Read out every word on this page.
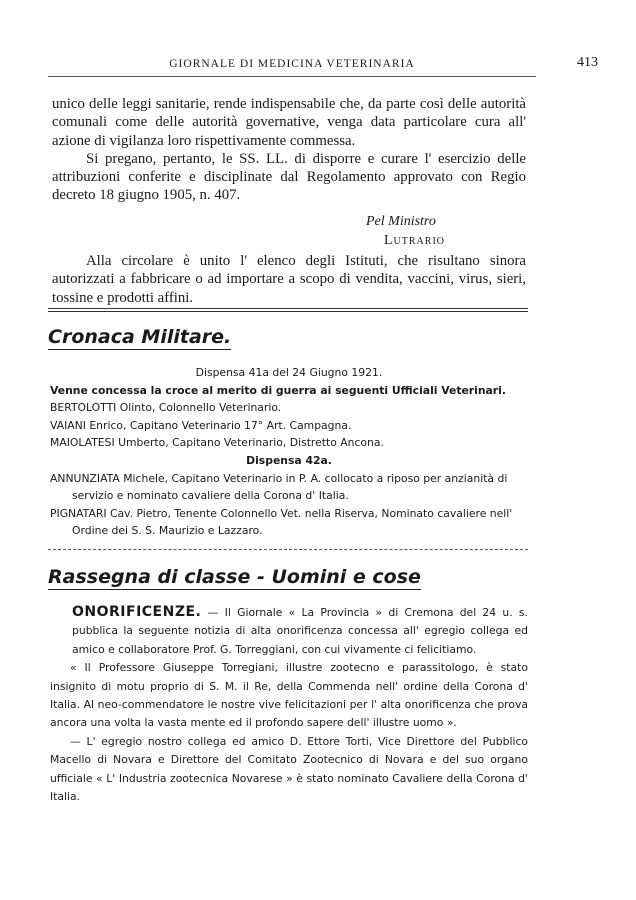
GIORNALE DI MEDICINA VETERINARIA	413

unico delle leggi sanitarie, rende indispensabile che, da parte così delle autorità comunali come delle autorità governative, venga data particolare cura all' azione di vigilanza loro rispettivamente commessa.

Si pregano, pertanto, le SS. LL. di disporre e curare l' esercizio delle attribuzioni conferite e disciplinate dal Regolamento approvato con Regio decreto 18 giugno 1905, n. 407.

Pel Ministro
Lutrario

Alla circolare è unito l' elenco degli Istituti, che risultano sinora autorizzati a fabbricare o ad importare a scopo di vendita, vaccini, virus, sieri, tossine e prodotti affini.

Cronaca Militare.

Dispensa 41a del 24 Giugno 1921.

Venne concessa la croce al merito di guerra ai seguenti Ufficiali Veterinari.

BERTOLOTTI Olinto, Colonnello Veterinario.

VAIANI Enrico, Capitano Veterinario 17° Art. Campagna.

MAIOLATESI Umberto, Capitano Veterinario, Distretto Ancona.

Dispensa 42a.

ANNUNZIATA Michele, Capitano Veterinario in P. A. collocato a riposo per anzianità di servizio e nominato cavaliere della Corona d' Italia.

PIGNATARI Cav. Pietro, Tenente Colonnello Vet. nella Riserva, Nominato cavaliere nell' Ordine dei S. S. Maurizio e Lazzaro.

Rassegna di classe - Uomini e cose

ONORIFICENZE. — Il Giornale « La Provincia » di Cremona del 24 u. s. pubblica la seguente notizia di alta onorificenza concessa all' egregio collega ed amico e collaboratore Prof. G. Torreggiani, con cui vivamente ci felicitiamo.

« Il Professore Giuseppe Torregiani, illustre zootecno e parassitologo, è stato insignito di motu proprio di S. M. il Re, della Commenda nell' ordine della Corona d' Italia. Al neo-commendatore le nostre vive felicitazioni per l' alta onorificenza che prova ancora una volta la vasta mente ed il profondo sapere dell' illustre uomo ».

— L' egregio nostro collega ed amico D. Ettore Torti, Vice Direttore del Pubblico Macello di Novara e Direttore del Comitato Zootecnico di Novara e del suo organo ufficiale « L' Industria zootecnica Novarese » è stato nominato Cavaliere della Corona d' Italia.
